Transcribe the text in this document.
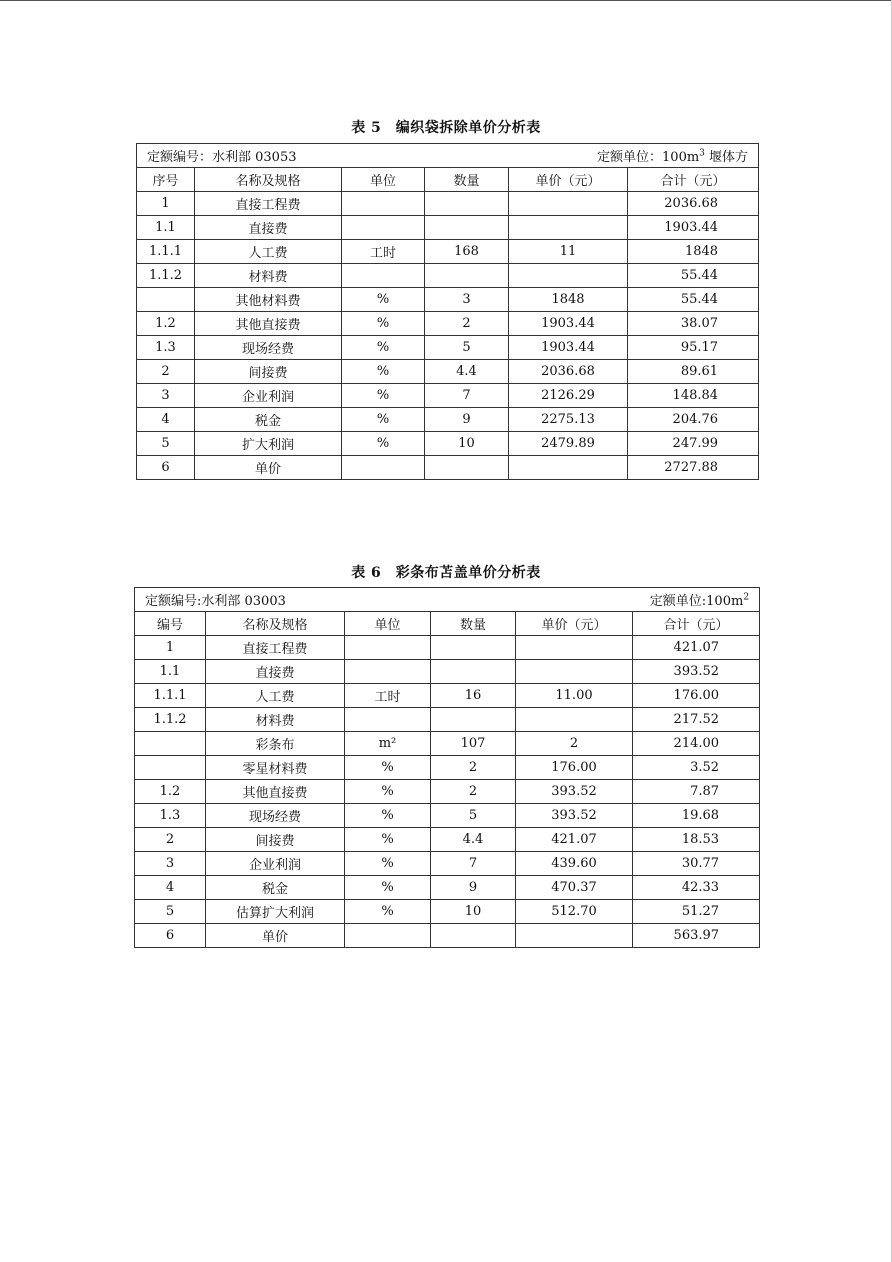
表 5　编织袋拆除单价分析表
定额编号：水利部 03053 定额单位：$100m^3$ 堰体方					

序号	名称及规格	单位	数量	单价（元）	合计（元）
1	直接工程费				2036.68
1.1	直接费				1903.44
1.1.1	人工费	工时	168	11	1848
1.1.2	材料费				55.44
	其他材料费	%	3	1848	55.44
1.2	其他直接费	%	2	1903.44	38.07
1.3	现场经费	%	5	1903.44	95.17
2	间接费	%	4.4	2036.68	89.61
3	企业利润	%	7	2126.29	148.84
4	税金	%	9	2275.13	204.76
5	扩大利润	%	10	2479.89	247.99
6	单价				2727.88
表 6　彩条布苫盖单价分析表
定额编号:水利部 03003 定额单位$:100m^2$

编号	名称及规格	单位	数量	单价（元）	合计（元）
1	直接工程费				421.07
1.1	直接费				393.52
1.1.1	人工费	工时	16	11.00	176.00
1.1.2	材料费				217.52
	彩条布	m²	107	2	214.00
	零星材料费	%	2	176.00	3.52
1.2	其他直接费	%	2	393.52	7.87
1.3	现场经费	%	5	393.52	19.68
2	间接费	%	4.4	421.07	18.53
3	企业利润	%	7	439.60	30.77
4	税金	%	9	470.37	42.33
5	估算扩大利润	%	10	512.70	51.27
6	单价				563.97
